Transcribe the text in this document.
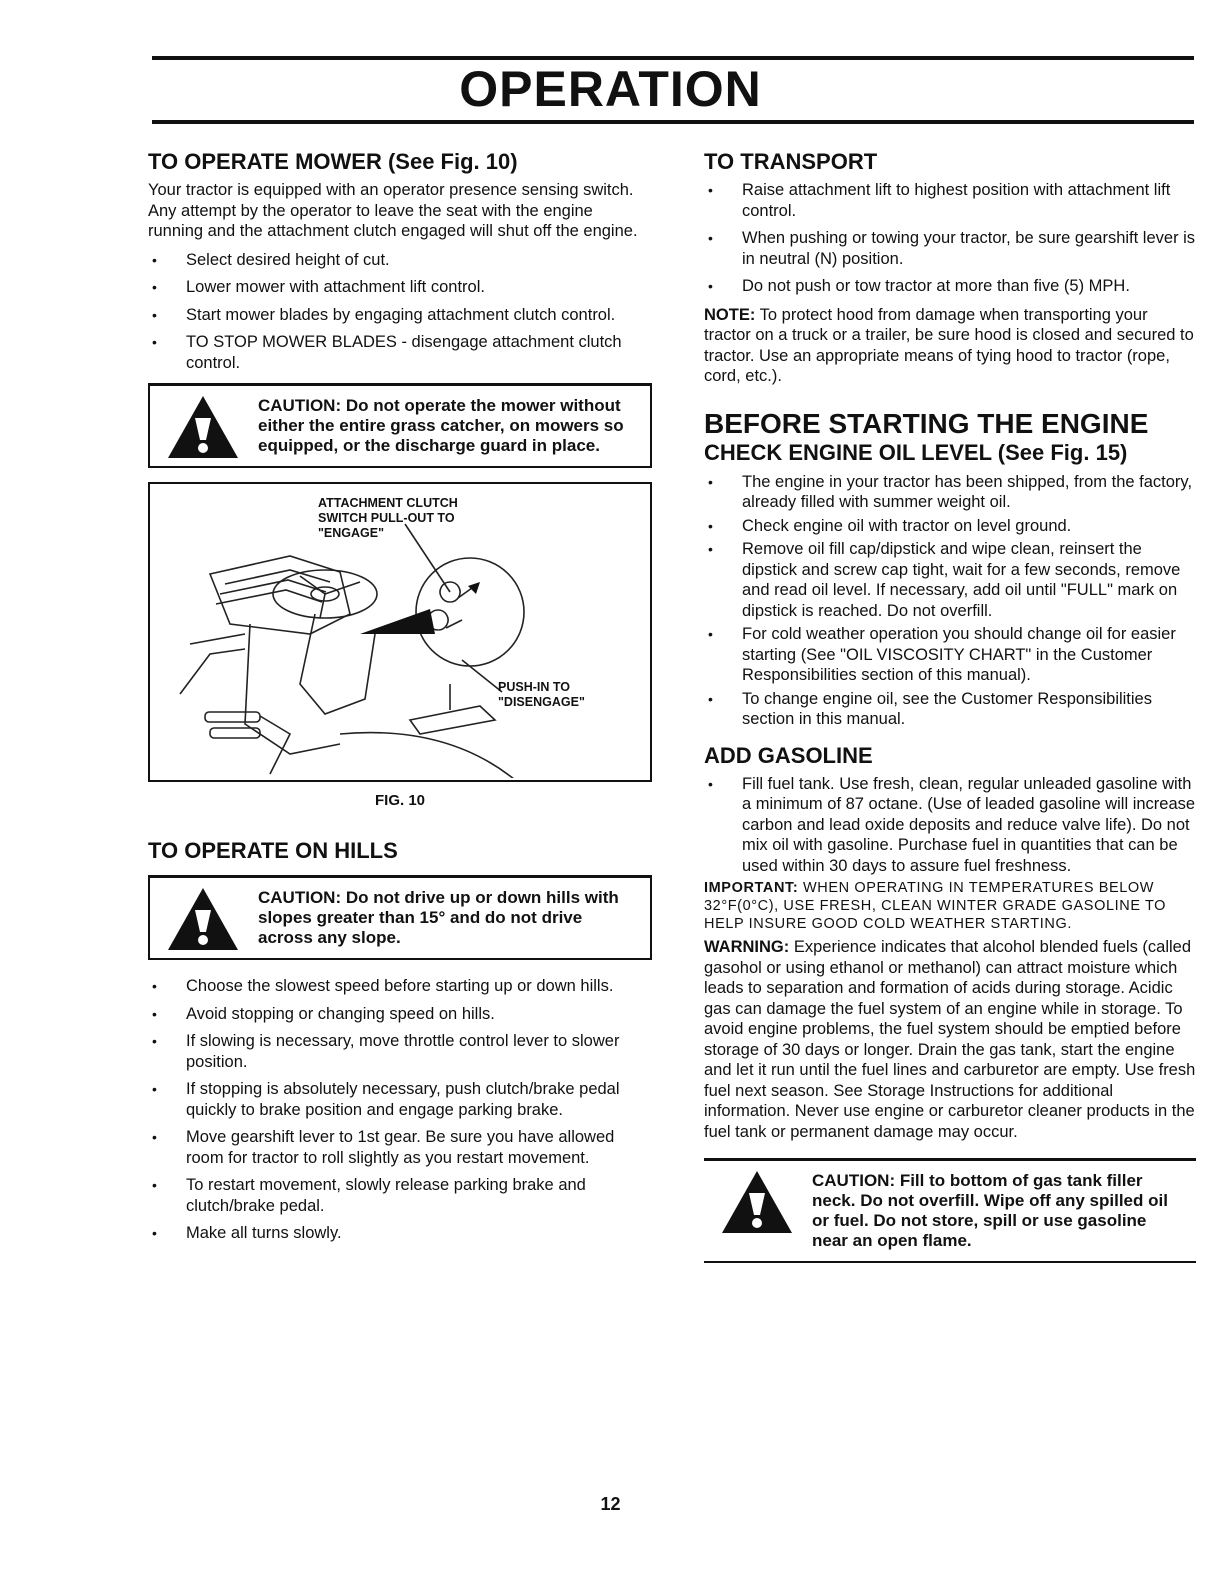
OPERATION
TO OPERATE MOWER (See Fig. 10)

Your tractor is equipped with an operator presence sensing switch. Any attempt by the operator to leave the seat with the engine running and the attachment clutch engaged will shut off the engine.

• Select desired height of cut.
• Lower mower with attachment lift control.
• Start mower blades by engaging attachment clutch control.
• TO STOP MOWER BLADES - disengage attachment clutch control.
CAUTION: Do not operate the mower without either the entire grass catcher, on mowers so equipped, or the discharge guard in place.
ATTACHMENT CLUTCH
SWITCH PULL-OUT TO
"ENGAGE"
PUSH-IN TO
"DISENGAGE"
FIG. 10
TO OPERATE ON HILLS
CAUTION: Do not drive up or down hills with slopes greater than 15° and do not drive across any slope.
• Choose the slowest speed before starting up or down hills.
• Avoid stopping or changing speed on hills.
• If slowing is necessary, move throttle control lever to slower position.
• If stopping is absolutely necessary, push clutch/brake pedal quickly to brake position and engage parking brake.
• Move gearshift lever to 1st gear. Be sure you have allowed room for tractor to roll slightly as you restart movement.
• To restart movement, slowly release parking brake and clutch/brake pedal.
• Make all turns slowly.
TO TRANSPORT
• Raise attachment lift to highest position with attachment lift control.
• When pushing or towing your tractor, be sure gearshift lever is in neutral (N) position.
• Do not push or tow tractor at more than five (5) MPH.

NOTE: To protect hood from damage when transporting your tractor on a truck or a trailer, be sure hood is closed and secured to tractor. Use an appropriate means of tying hood to tractor (rope, cord, etc.).

BEFORE STARTING THE ENGINE
CHECK ENGINE OIL LEVEL (See Fig. 15)
• The engine in your tractor has been shipped, from the factory, already filled with summer weight oil.
• Check engine oil with tractor on level ground.
• Remove oil fill cap/dipstick and wipe clean, reinsert the dipstick and screw cap tight, wait for a few seconds, remove and read oil level. If necessary, add oil until "FULL" mark on dipstick is reached. Do not overfill.
• For cold weather operation you should change oil for easier starting (See "OIL VISCOSITY CHART" in the Customer Responsibilities section of this manual).
• To change engine oil, see the Customer Responsibilities section in this manual.
ADD GASOLINE
• Fill fuel tank. Use fresh, clean, regular unleaded gasoline with a minimum of 87 octane. (Use of leaded gasoline will increase carbon and lead oxide deposits and reduce valve life). Do not mix oil with gasoline. Purchase fuel in quantities that can be used within 30 days to assure fuel freshness.
IMPORTANT: WHEN OPERATING IN TEMPERATURES BELOW 32°F(0°C), USE FRESH, CLEAN WINTER GRADE GASOLINE TO HELP INSURE GOOD COLD WEATHER STARTING.

WARNING: Experience indicates that alcohol blended fuels (called gasohol or using ethanol or methanol) can attract moisture which leads to separation and formation of acids during storage. Acidic gas can damage the fuel system of an engine while in storage. To avoid engine problems, the fuel system should be emptied before storage of 30 days or longer. Drain the gas tank, start the engine and let it run until the fuel lines and carburetor are empty. Use fresh fuel next season. See Storage Instructions for additional information. Never use engine or carburetor cleaner products in the fuel tank or permanent damage may occur.

CAUTION: Fill to bottom of gas tank filler neck. Do not overfill. Wipe off any spilled oil or fuel. Do not store, spill or use gasoline near an open flame.
12
